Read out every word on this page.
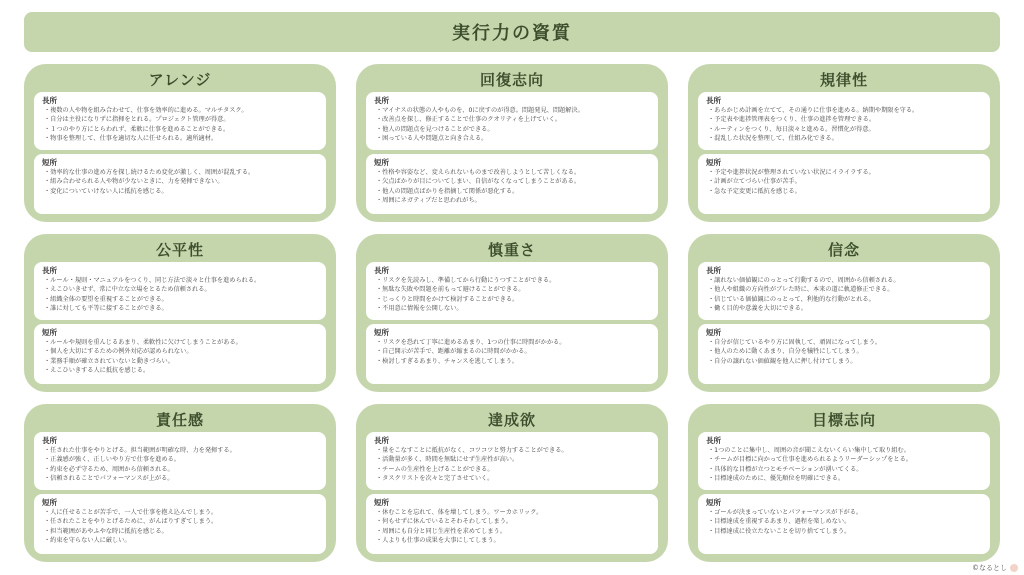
実行力の資質
アレンジ
長所
・複数の人や物を組み合わせて、仕事を効率的に進める。マルチタスク。
・自分は主役になりずに指揮をとれる。プロジェクト管理が得意。
・１つのやり方にとらわれず、柔軟に仕事を進めることができる。
・物事を整理して、仕事を適切な人に任せられる。適所適材。
短所
・効率的な仕事の進め方を探し続けるため変化が激しく、周囲が混乱する。
・組み合わせられる人や物が少ないときに、力を発揮できない。
・変化についていけない人に抵抗を感じる。
回復志向
長所
・マイナスの状態の人やものを、0に戻すのが得意。問題発見、問題解決。
・改善点を探し、修正することで仕事のクオリティを上げていく。
・他人の問題点を見つけることができる。
・困っている人や問題点と向き合える。
短所
・性格や容姿など、変えられないものまで改善しようとして苦しくなる。
・欠点ばかりが目についてしまい、自信がなくなってしまうことがある。
・他人の問題点ばかりを指摘して関係が悪化する。
・周囲にネガティブだと思われがち。
規律性
長所
・あらかじめ計画を立てて、その通りに仕事を進める。納期や期限を守る。
・予定表や進捗管理表をつくり、仕事の進捗を管理できる。
・ルーティンをつくり、毎日淡々と進める。習慣化が得意。
・混乱した状況を整理して、仕組み化できる。
短所
・予定や進捗状況が整理されていない状況にイライラする。
・計画が立てづらい仕事が苦手。
・急な予定変更に抵抗を感じる。
公平性
長所
・ルール・規則・マニュアルをつくり、同じ方法で淡々と仕事を進められる。
・えこひいきせず、常に中立な立場をとるため信頼される。
・組織全体の要望を重視することができる。
・誰に対しても平等に接することができる。
短所
・ルールや規則を重んじるあまり、柔軟性に欠けてしまうことがある。
・個人を大切にするための例外対応が認められない。
・業務手順が確立されていないと動きづらい。
・えこひいきする人に抵抗を感じる。
慎重さ
長所
・リスクを先読みし、準備してから行動にうつすことができる。
・無駄な失敗や問題を前もって避けることができる。
・じっくりと時間をかけて検討することができる。
・不用意に情報を公開しない。
短所
・リスクを恐れて丁寧に進めるあまり、1つの仕事に時間がかかる。
・自己開示が苦手で、距離が縮まるのに時間がかかる。
・検討しすぎるあまり、チャンスを逃してしまう。
信念
長所
・譲れない価値観にのっとって行動するので、周囲から信頼される。
・他人や組織の方向性がブレた時に、本来の道に軌道修正できる。
・信じている価値観にのっとって、利他的な行動がとれる。
・働く目的や意義を大切にできる。
短所
・自分が信じているやり方に固執して、頑固になってしまう。
・他人のために動くあまり、自分を犠牲にしてしまう。
・自分の譲れない価値観を他人に押し付けてしまう。
責任感
長所
・任された仕事をやりとげる。担当範囲が明確な時、力を発揮する。
・正義感が強く、正しいやり方で仕事を進める。
・約束を必ず守るため、周囲から信頼される。
・信頼されることでパフォーマンスが上がる。
短所
・人に任せることが苦手で、一人で仕事を抱え込んでしまう。
・任されたことをやりとげるために、がんばりすぎてしまう。
・担当範囲があやふやな時に抵抗を感じる。
・約束を守らない人に厳しい。
達成欲
長所
・量をこなすことに抵抗がなく、コツコツと努力することができる。
・活動量が多く、時間を無駄にせず生産性が高い。
・チームの生産性を上げることができる。
・タスクリストを次々と完了させていく。
短所
・休むことを忘れて、体を壊してしまう。ワーカホリック。
・何もせずに休んでいるとそわそわしてしまう。
・周囲にも自分と同じ生産性を求めてしまう。
・人よりも仕事の成果を大事にしてしまう。
目標志向
長所
・1つのことに集中し、周囲の音が聞こえないくらい集中して取り組む。
・チームが目標に向かって仕事を進められるようリーダーシップをとる。
・具体的な目標が立つとモチベーションが湧いてくる。
・目標達成のために、優先順位を明確にできる。
短所
・ゴールが決まっていないとパフォーマンスが下がる。
・目標達成を重視するあまり、過程を楽しめない。
・目標達成に役立たないことを切り捨ててしまう。
©なるとし
